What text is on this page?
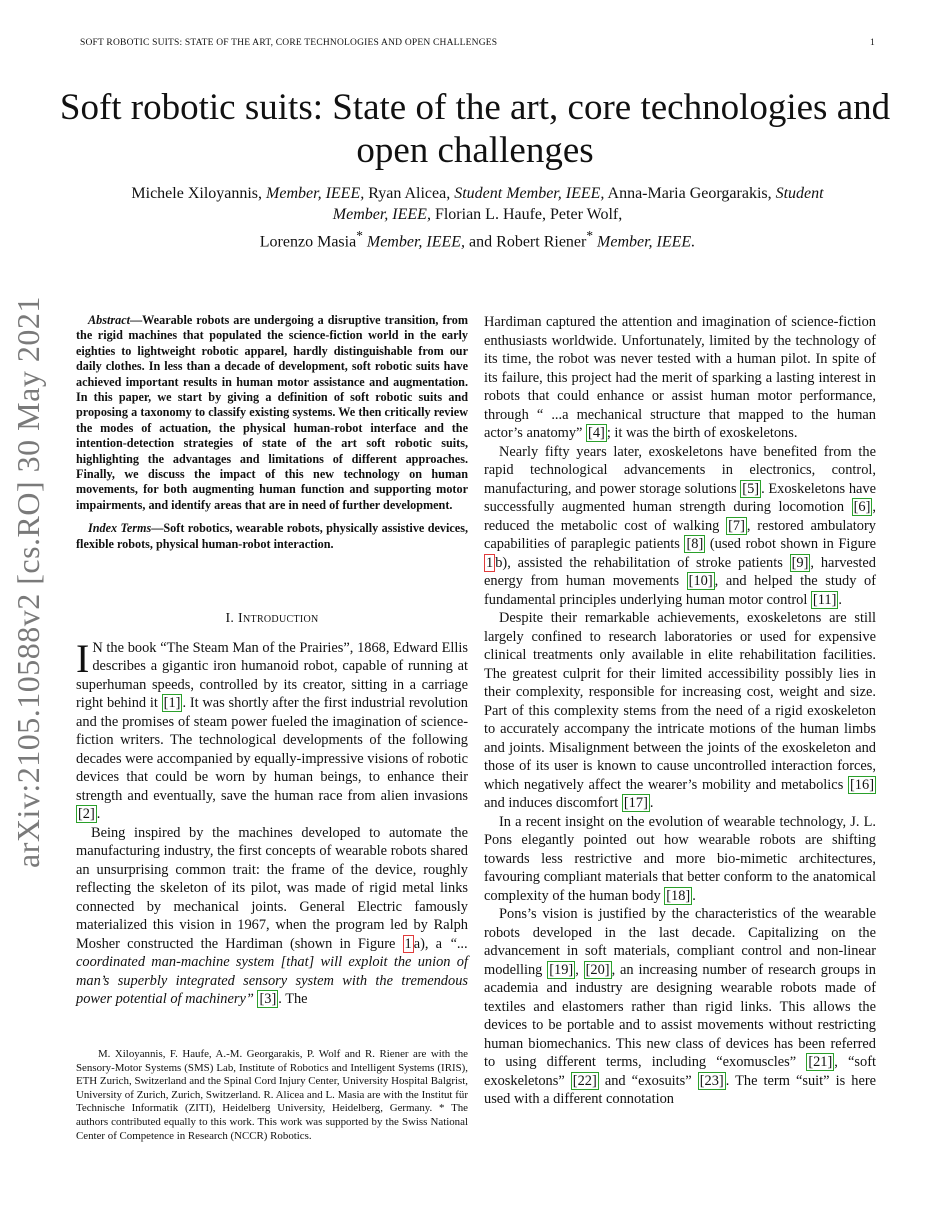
SOFT ROBOTIC SUITS: STATE OF THE ART, CORE TECHNOLOGIES AND OPEN CHALLENGES	1
arXiv:2105.10588v2 [cs.RO] 30 May 2021
Soft robotic suits: State of the art, core technologies and open challenges
Michele Xiloyannis, Member, IEEE, Ryan Alicea, Student Member, IEEE, Anna-Maria Georgarakis, Student
Member, IEEE, Florian L. Haufe, Peter Wolf,
Lorenzo Masia* Member, IEEE, and Robert Riener* Member, IEEE.

Abstract—Wearable robots are undergoing a disruptive transition, from the rigid machines that populated the science-fiction world in the early eighties to lightweight robotic apparel, hardly distinguishable from our daily clothes. In less than a decade of development, soft robotic suits have achieved important results in human motor assistance and augmentation. In this paper, we start by giving a definition of soft robotic suits and proposing a taxonomy to classify existing systems. We then critically review the modes of actuation, the physical human-robot interface and the intention-detection strategies of state of the art soft robotic suits, highlighting the advantages and limitations of different approaches. Finally, we discuss the impact of this new technology on human movements, for both augmenting human function and supporting motor impairments, and identify areas that are in need of further development.

Index Terms—Soft robotics, wearable robots, physically assistive devices, flexible robots, physical human-robot interaction.

I. Introduction

I N the book “The Steam Man of the Prairies”, 1868, Edward Ellis describes a gigantic iron humanoid robot, capable of running at superhuman speeds, controlled by its creator, sitting in a carriage right behind it [1] . It was shortly after the first industrial revolution and the promises of steam power fueled the imagination of science-fiction writers. The technological developments of the following decades were accompanied by equally-impressive visions of robotic devices that could be worn by human beings, to enhance their strength and eventually, save the human race from alien invasions [2] .

Being inspired by the machines developed to automate the manufacturing industry, the first concepts of wearable robots shared an unsurprising common trait: the frame of the device, roughly reflecting the skeleton of its pilot, was made of rigid metal links connected by mechanical joints. General Electric famously materialized this vision in 1967, when the program led by Ralph Mosher constructed the Hardiman (shown in Figure 1 a), a “... coordinated man-machine system [that] will exploit the union of man’s superbly integrated sensory system with the tremendous power potential of machinery” [3] . The

M. Xiloyannis, F. Haufe, A.-M. Georgarakis, P. Wolf and R. Riener are with the Sensory-Motor Systems (SMS) Lab, Institute of Robotics and Intelligent Systems (IRIS), ETH Zurich, Switzerland and the Spinal Cord Injury Center, University Hospital Balgrist, University of Zurich, Zurich, Switzerland. R. Alicea and L. Masia are with the Institut für Technische Informatik (ZITI), Heidelberg University, Heidelberg, Germany. * The authors contributed equally to this work. This work was supported by the Swiss National Center of Competence in Research (NCCR) Robotics.

Hardiman captured the attention and imagination of science-fiction enthusiasts worldwide. Unfortunately, limited by the technology of its time, the robot was never tested with a human pilot. In spite of its failure, this project had the merit of sparking a lasting interest in robots that could enhance or assist human motor performance, through “ ...a mechanical structure that mapped to the human actor’s anatomy” [4] ; it was the birth of exoskeletons.

Nearly fifty years later, exoskeletons have benefited from the rapid technological advancements in electronics, control, manufacturing, and power storage solutions [5] . Exoskeletons have successfully augmented human strength during locomotion [6] , reduced the metabolic cost of walking [7] , restored ambulatory capabilities of paraplegic patients [8] (used robot shown in Figure 1 b), assisted the rehabilitation of stroke patients [9] , harvested energy from human movements [10] , and helped the study of fundamental principles underlying human motor control [11] .

Despite their remarkable achievements, exoskeletons are still largely confined to research laboratories or used for expensive clinical treatments only available in elite rehabilitation facilities. The greatest culprit for their limited accessibility possibly lies in their complexity, responsible for increasing cost, weight and size. Part of this complexity stems from the need of a rigid exoskeleton to accurately accompany the intricate motions of the human limbs and joints. Misalignment between the joints of the exoskeleton and those of its user is known to cause uncontrolled interaction forces, which negatively affect the wearer’s mobility and metabolics [16] and induces discomfort [17] .

In a recent insight on the evolution of wearable technology, J. L. Pons elegantly pointed out how wearable robots are shifting towards less restrictive and more bio-mimetic architectures, favouring compliant materials that better conform to the anatomical complexity of the human body [18] .

Pons’s vision is justified by the characteristics of the wearable robots developed in the last decade. Capitalizing on the advancement in soft materials, compliant control and non-linear modelling [19] , [20] , an increasing number of research groups in academia and industry are designing wearable robots made of textiles and elastomers rather than rigid links. This allows the devices to be portable and to assist movements without restricting human biomechanics. This new class of devices has been referred to using different terms, including “exomuscles” [21] , “soft exoskeletons” [22] and “exosuits” [23] . The term “suit” is here used with a different connotation
